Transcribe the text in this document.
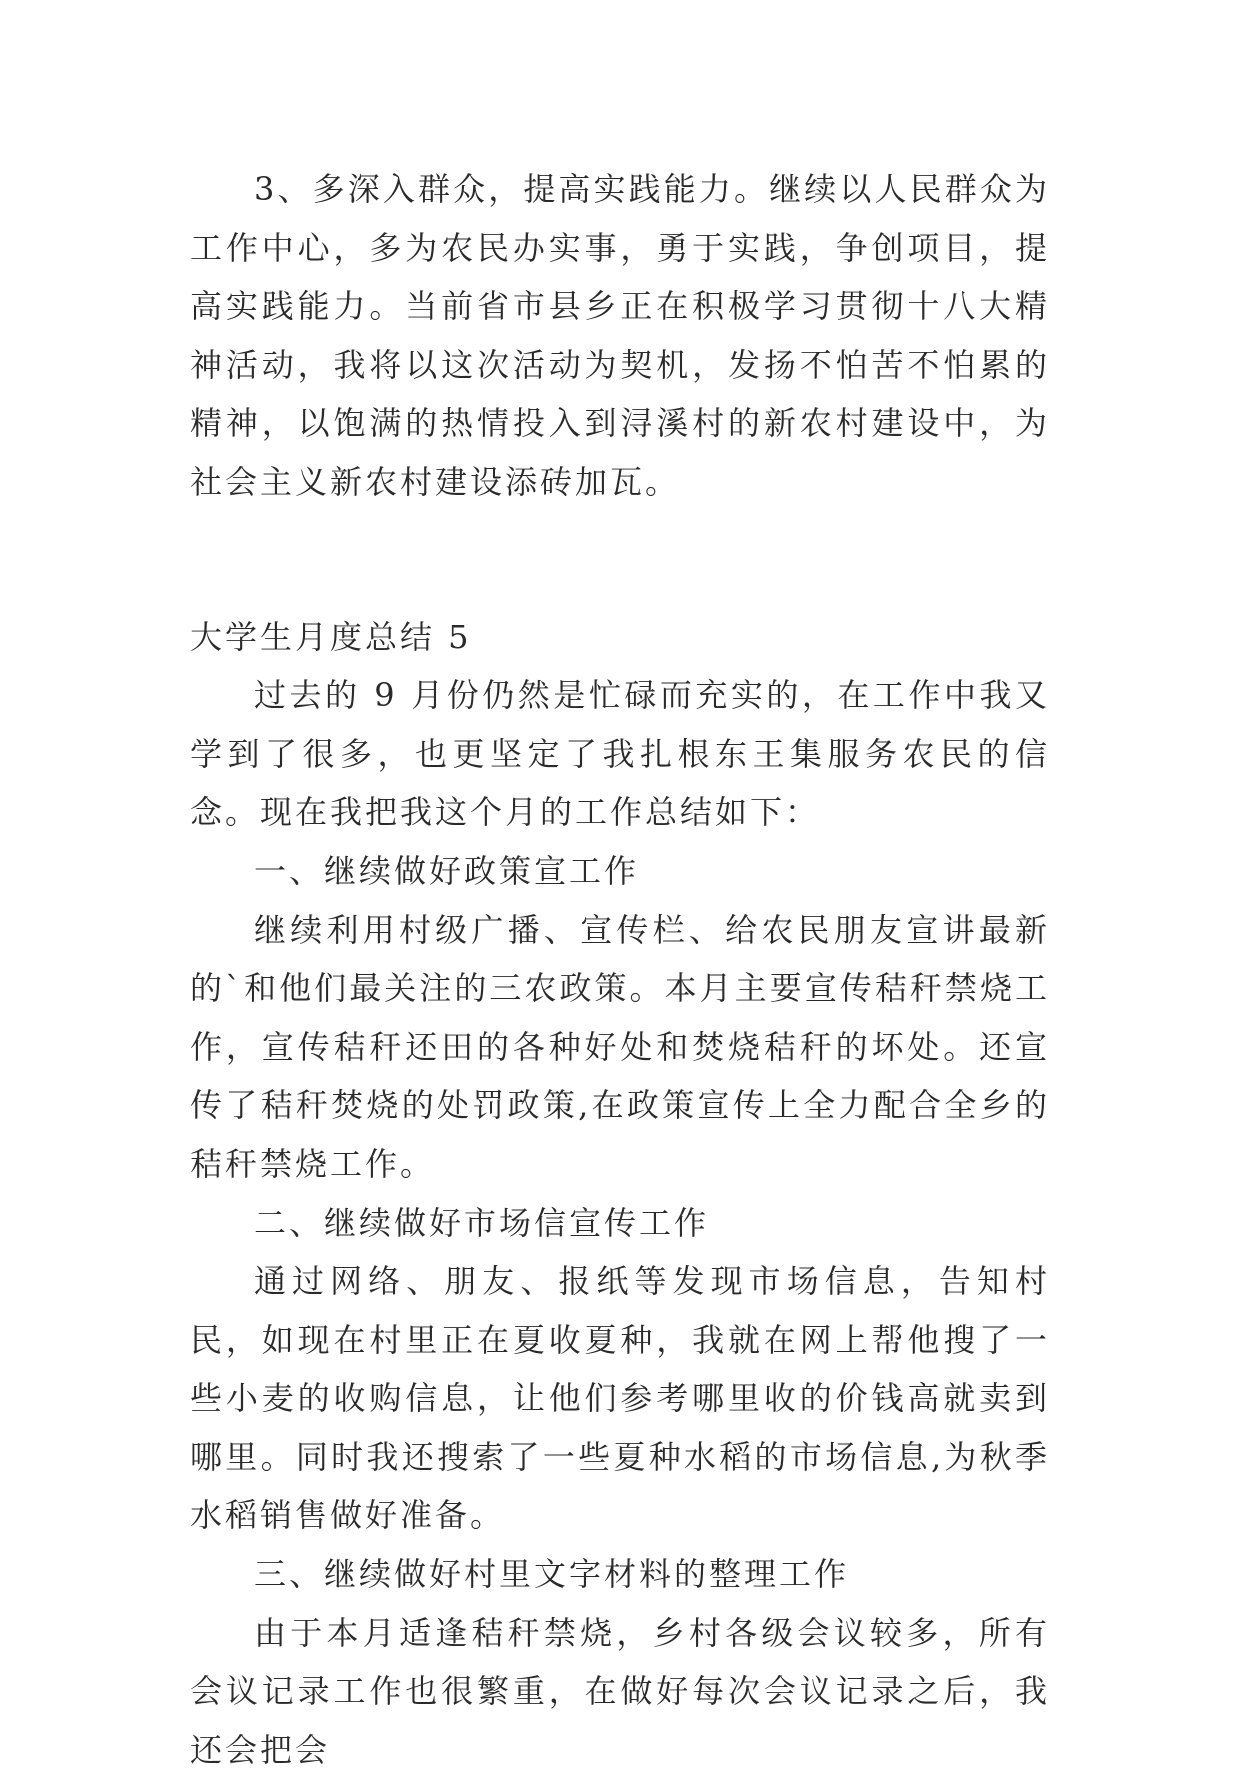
3、多深入群众，提高实践能力。继续以人民群众为工作中心，多为农民办实事，勇于实践，争创项目，提高实践能力。当前省市县乡正在积极学习贯彻十八大精神活动，我将以这次活动为契机，发扬不怕苦不怕累的精神，以饱满的热情投入到浔溪村的新农村建设中，为社会主义新农村建设添砖加瓦。

大学生月度总结 5

过去的 9 月份仍然是忙碌而充实的，在工作中我又学到了很多，也更坚定了我扎根东王集服务农民的信念。现在我把我这个月的工作总结如下：

一、继续做好政策宣工作

继续利用村级广播、宣传栏、给农民朋友宣讲最新的`和他们最关注的三农政策。本月主要宣传秸秆禁烧工作，宣传秸秆还田的各种好处和焚烧秸秆的坏处。还宣传了秸秆焚烧的处罚政策,在政策宣传上全力配合全乡的秸秆禁烧工作。

二、继续做好市场信宣传工作

通过网络、朋友、报纸等发现市场信息，告知村民，如现在村里正在夏收夏种，我就在网上帮他搜了一些小麦的收购信息，让他们参考哪里收的价钱高就卖到哪里。同时我还搜索了一些夏种水稻的市场信息,为秋季水稻销售做好准备。

三、继续做好村里文字材料的整理工作

由于本月适逢秸秆禁烧，乡村各级会议较多，所有会议记录工作也很繁重，在做好每次会议记录之后，我还会把会
